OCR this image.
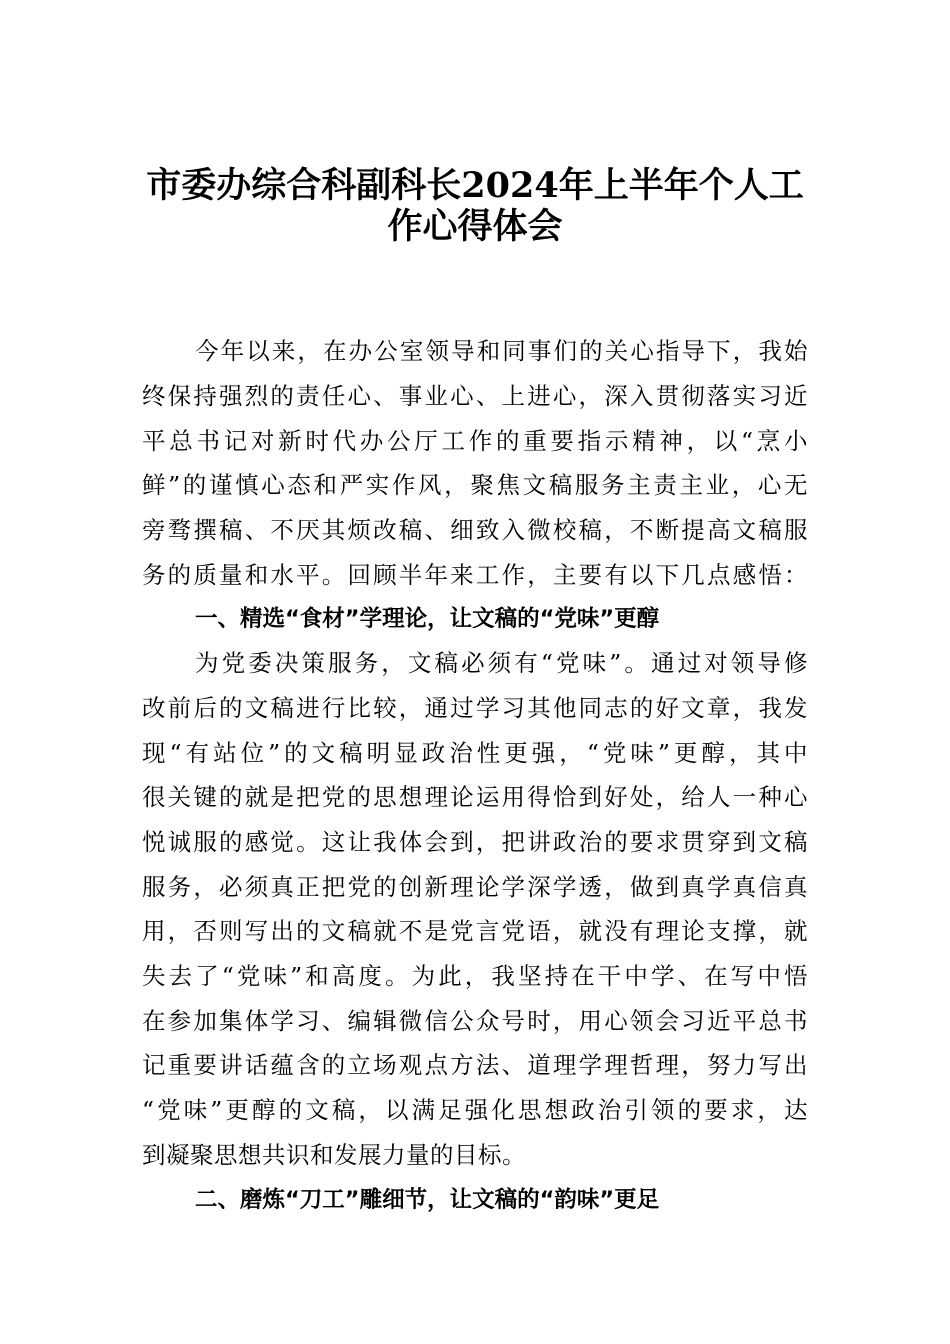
市委办综合科副科长2024年上半年个人工
作心得体会
今年以来，在办公室领导和同事们的关心指导下，我始
终保持强烈的责任心、事业心、上进心，深入贯彻落实习近
平总书记对新时代办公厅工作的重要指示精神，以“烹小
鲜”的谨慎心态和严实作风，聚焦文稿服务主责主业，心无
旁骛撰稿、不厌其烦改稿、细致入微校稿，不断提高文稿服
务的质量和水平。回顾半年来工作，主要有以下几点感悟：
一、精选“食材”学理论，让文稿的“党味”更醇
为党委决策服务，文稿必须有“党味”。通过对领导修
改前后的文稿进行比较，通过学习其他同志的好文章，我发
现“有站位”的文稿明显政治性更强，“党味”更醇，其中
很关键的就是把党的思想理论运用得恰到好处，给人一种心
悦诚服的感觉。这让我体会到，把讲政治的要求贯穿到文稿
服务，必须真正把党的创新理论学深学透，做到真学真信真
用，否则写出的文稿就不是党言党语，就没有理论支撑，就
失去了“党味”和高度。为此，我坚持在干中学、在写中悟
在参加集体学习、编辑微信公众号时，用心领会习近平总书
记重要讲话蕴含的立场观点方法、道理学理哲理，努力写出
“党味”更醇的文稿，以满足强化思想政治引领的要求，达
到凝聚思想共识和发展力量的目标。
二、磨炼“刀工”雕细节，让文稿的“韵味”更足
